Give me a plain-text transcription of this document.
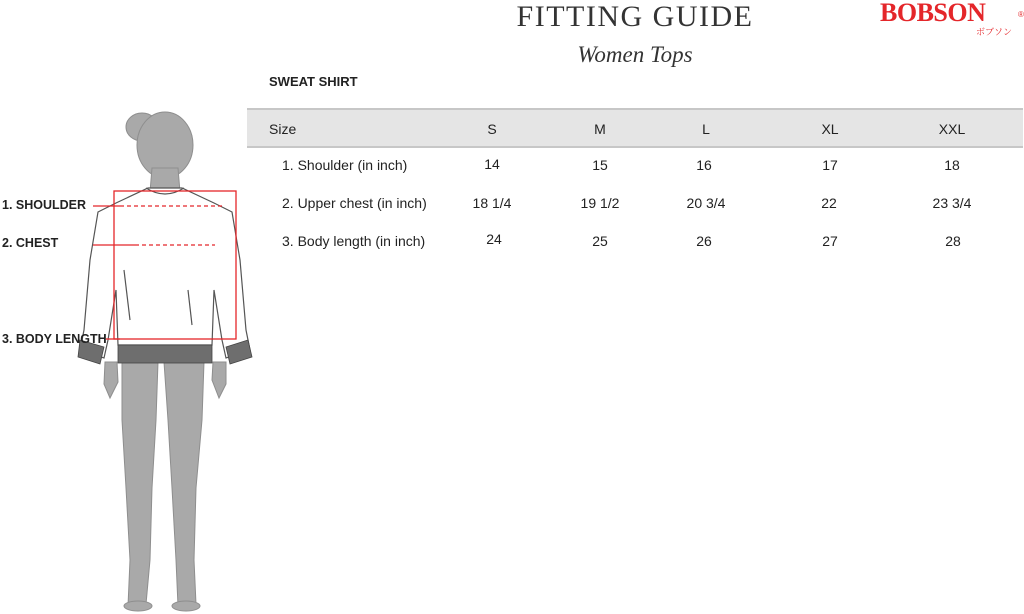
FITTING GUIDE
Women Tops
BOBSON	®
ボブソン
SWEAT SHIRT
Size	S	M	L	XL	XXL
1. Shoulder (in inch)	14	15	16	17	18
2. Upper chest (in inch)	18 1/4	19 1/2	20 3/4	22	23 3/4
3. Body length (in inch)	24	25	26	27	28
1. SHOULDER
2. CHEST
3. BODY LENGTH
